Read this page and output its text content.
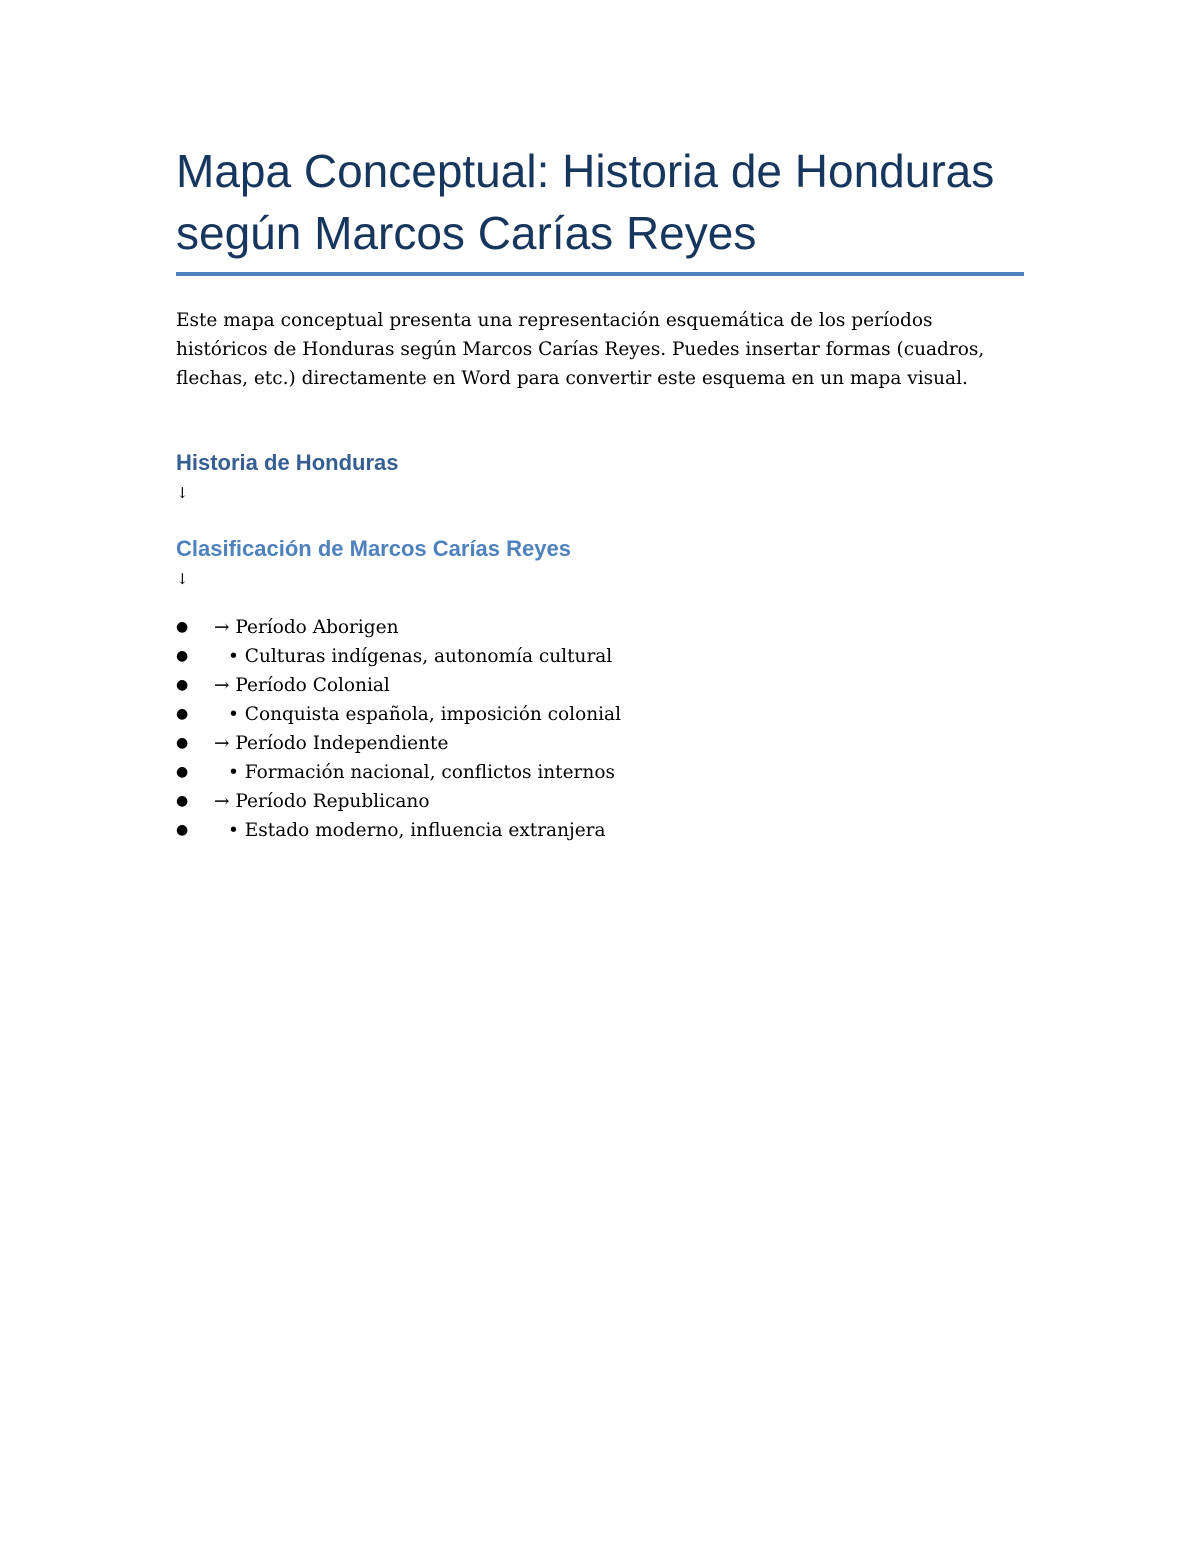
Mapa Conceptual: Historia de Honduras según Marcos Carías Reyes

Este mapa conceptual presenta una representación esquemática de los períodos históricos de Honduras según Marcos Carías Reyes. Puedes insertar formas (cuadros, flechas, etc.) directamente en Word para convertir este esquema en un mapa visual.

Historia de Honduras
↓
Clasificación de Marcos Carías Reyes
↓
● → Período Aborigen
● • Culturas indígenas, autonomía cultural
● → Período Colonial
● • Conquista española, imposición colonial
● → Período Independiente
● • Formación nacional, conflictos internos
● → Período Republicano
● • Estado moderno, influencia extranjera
